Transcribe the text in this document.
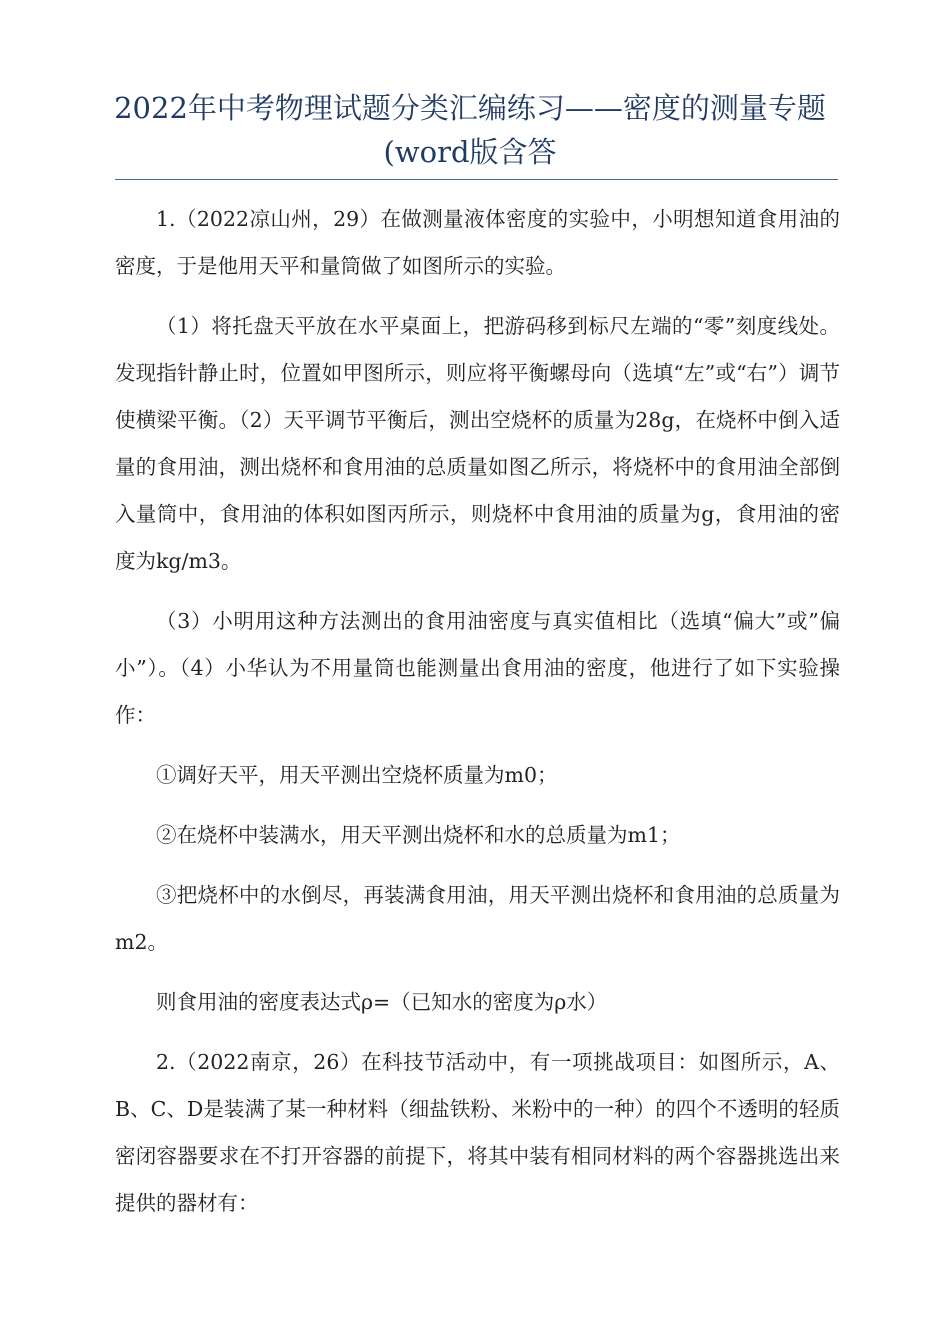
2022年中考物理试题分类汇编练习——密度的测量专题(word版含答

1.（2022凉山州，29）在做测量液体密度的实验中，小明想知道食用油的密度，于是他用天平和量筒做了如图所示的实验。

（1）将托盘天平放在水平桌面上，把游码移到标尺左端的“零”刻度线处。发现指针静止时，位置如甲图所示，则应将平衡螺母向（选填“左”或“右”）调节使横梁平衡。（2）天平调节平衡后，测出空烧杯的质量为28g，在烧杯中倒入适量的食用油，测出烧杯和食用油的总质量如图乙所示，将烧杯中的食用油全部倒入量筒中，食用油的体积如图丙所示，则烧杯中食用油的质量为g，食用油的密度为kg/m3。

（3）小明用这种方法测出的食用油密度与真实值相比（选填“偏大”或”偏小”）。（4）小华认为不用量筒也能测量出食用油的密度，他进行了如下实验操作：

①调好天平，用天平测出空烧杯质量为m0；

②在烧杯中装满水，用天平测出烧杯和水的总质量为m1；

③把烧杯中的水倒尽，再装满食用油，用天平测出烧杯和食用油的总质量为m2。

则食用油的密度表达式ρ=（已知水的密度为ρ水）

2.（2022南京，26）在科技节活动中，有一项挑战项目：如图所示，A、B、C、D是装满了某一种材料（细盐铁粉、米粉中的一种）的四个不透明的轻质密闭容器要求在不打开容器的前提下，将其中装有相同材料的两个容器挑选出来提供的器材有：
